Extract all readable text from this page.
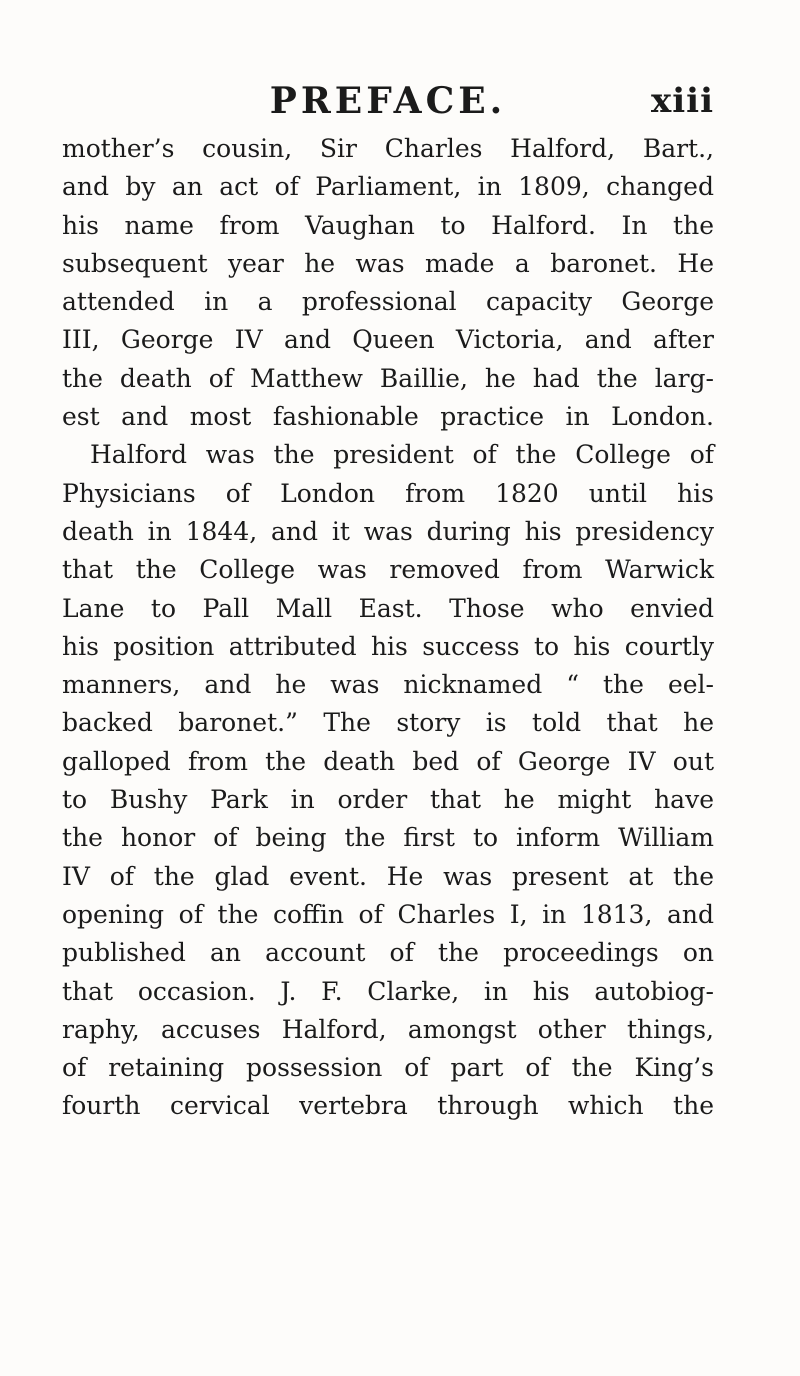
PREFACE.	xiii
mother’s cousin, Sir Charles Halford, Bart.,
and by an act of Parliament, in 1809, changed
his name from Vaughan to Halford. In the
subsequent year he was made a baronet. He
attended in a professional capacity George
III, George IV and Queen Victoria, and after
the death of Matthew Baillie, he had the larg-
est and most fashionable practice in London.
Halford was the president of the College of
Physicians of London from 1820 until his
death in 1844, and it was during his presidency
that the College was removed from Warwick
Lane to Pall Mall East. Those who envied
his position attributed his success to his courtly
manners, and he was nicknamed “ the eel-
backed baronet.” The story is told that he
galloped from the death bed of George IV out
to Bushy Park in order that he might have
the honor of being the first to inform William
IV of the glad event. He was present at the
opening of the coffin of Charles I, in 1813, and
published an account of the proceedings on
that occasion. J. F. Clarke, in his autobiog-
raphy, accuses Halford, amongst other things,
of retaining possession of part of the King’s
fourth cervical vertebra through which the
